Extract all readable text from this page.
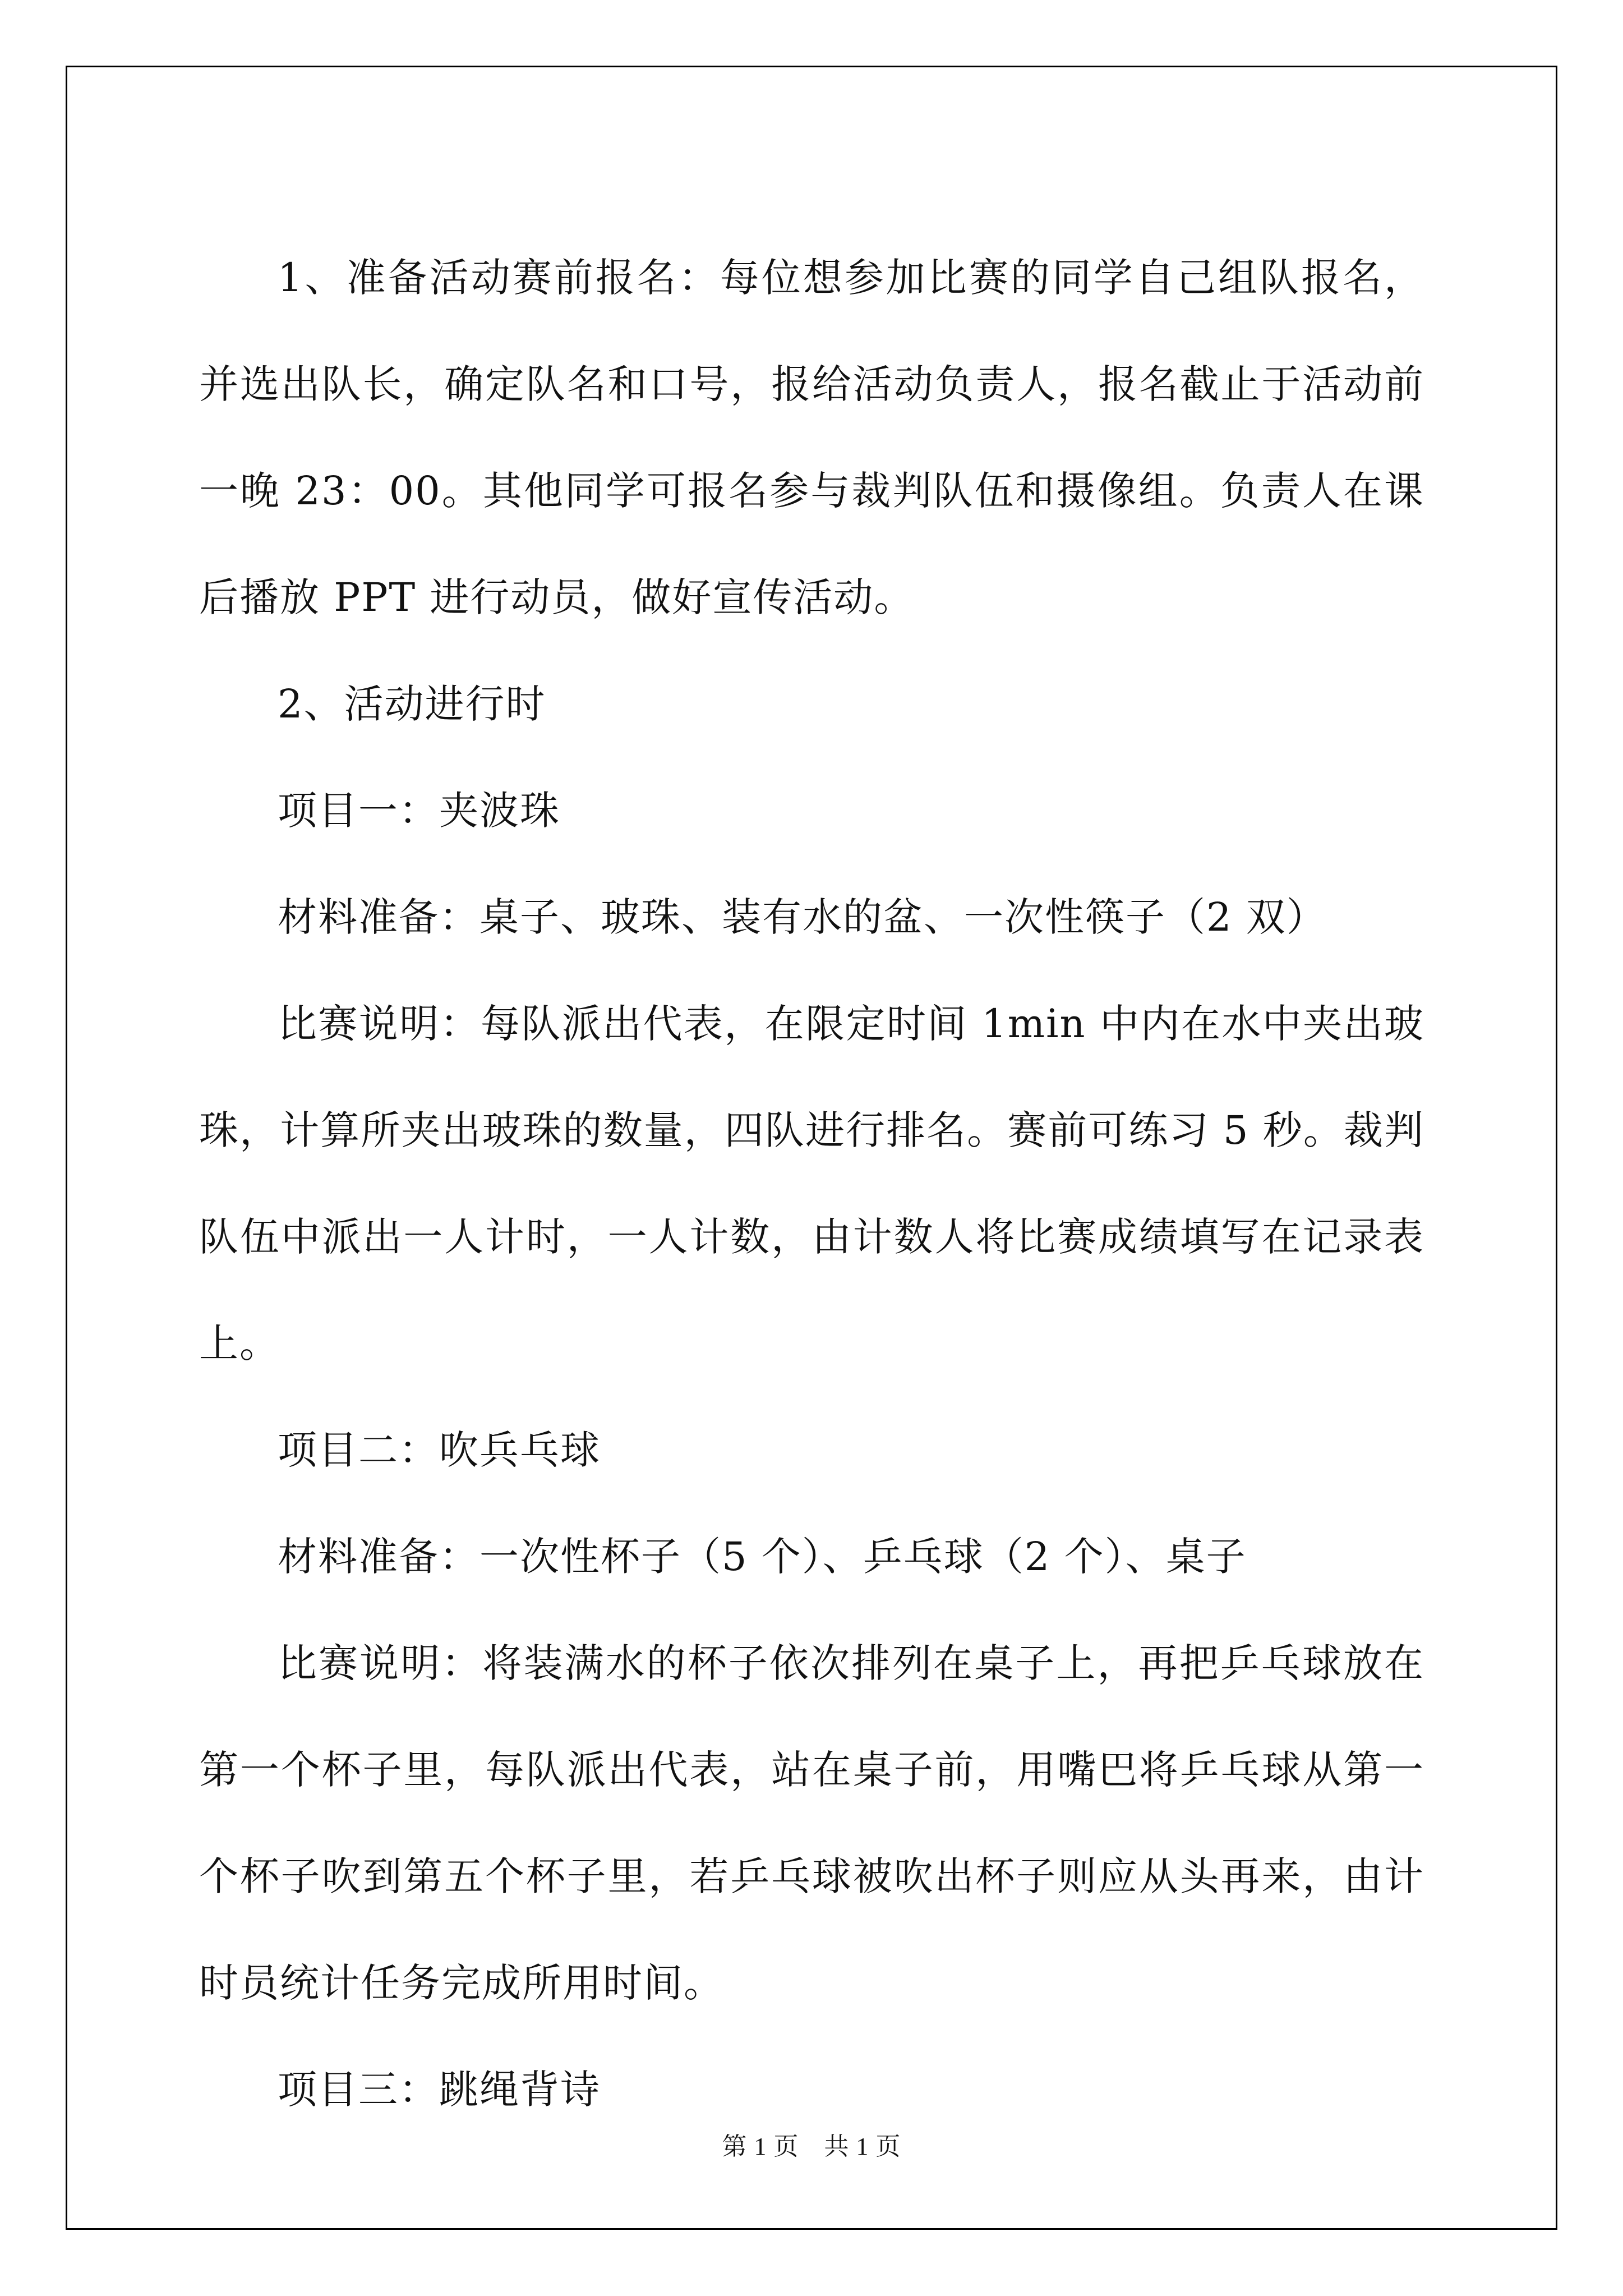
1、准备活动赛前报名：每位想参加比赛的同学自己组队报名，并选出队长，确定队名和口号，报给活动负责人，报名截止于活动前一晚 23：00。其他同学可报名参与裁判队伍和摄像组。负责人在课后播放 PPT 进行动员，做好宣传活动。

2、活动进行时

项目一：夹波珠

材料准备：桌子、玻珠、装有水的盆、一次性筷子（2 双）

比赛说明：每队派出代表，在限定时间 1min 中内在水中夹出玻珠，计算所夹出玻珠的数量，四队进行排名。赛前可练习 5 秒。裁判队伍中派出一人计时，一人计数，由计数人将比赛成绩填写在记录表上。

项目二：吹兵乓球

材料准备：一次性杯子（5 个）、乒乓球（2 个）、桌子

比赛说明：将装满水的杯子依次排列在桌子上，再把乒乓球放在第一个杯子里，每队派出代表，站在桌子前，用嘴巴将乒乓球从第一个杯子吹到第五个杯子里，若乒乓球被吹出杯子则应从头再来，由计时员统计任务完成所用时间。

项目三：跳绳背诗

第 1 页　共 1 页
